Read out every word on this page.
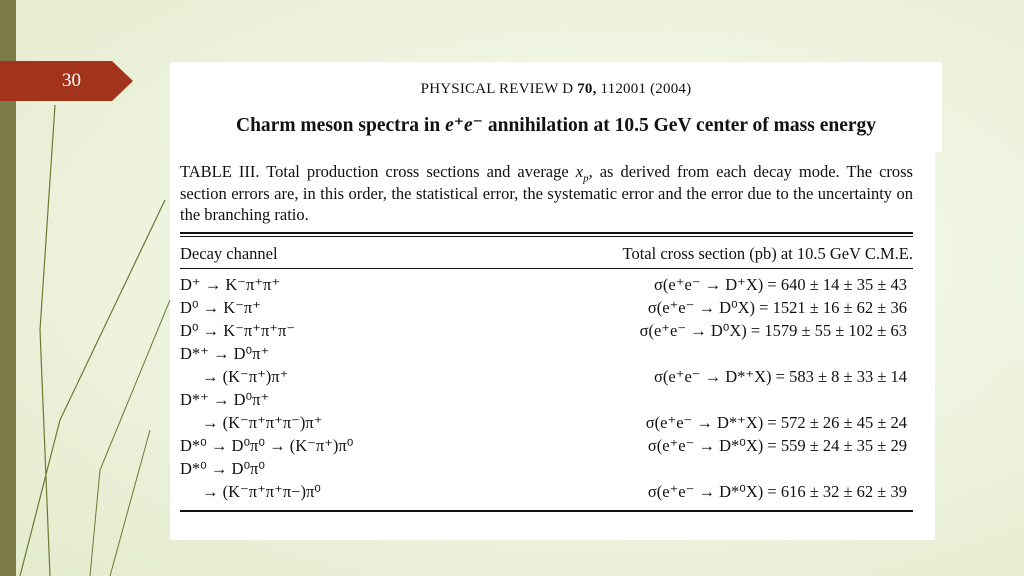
30	PHYSICAL REVIEW D 70, 112001 (2004)
Charm meson spectra in e⁺e⁻ annihilation at 10.5 GeV center of mass energy
TABLE III. Total production cross sections and average $x_p$, as derived from each decay mode. The cross section errors are, in this order, the statistical error, the systematic error and the error due to the uncertainty on the branching ratio.
Decay channel	Total cross section (pb) at 10.5 GeV C.M.E.
D⁺ → K⁻π⁺π⁺	σ(e⁺e⁻ → D⁺X) = 640 ± 14 ± 35 ± 43
D⁰ → K⁻π⁺	σ(e⁺e⁻ → D⁰X) = 1521 ± 16 ± 62 ± 36
D⁰ → K⁻π⁺π⁺π⁻	σ(e⁺e⁻ → D⁰X) = 1579 ± 55 ± 102 ± 63
D*⁺ → D⁰π⁺
→ (K⁻π⁺)π⁺	σ(e⁺e⁻ → D*⁺X) = 583 ± 8 ± 33 ± 14
D*⁺ → D⁰π⁺
→ (K⁻π⁺π⁺π⁻)π⁺	σ(e⁺e⁻ → D*⁺X) = 572 ± 26 ± 45 ± 24
D*⁰ → D⁰π⁰ → (K⁻π⁺)π⁰	σ(e⁺e⁻ → D*⁰X) = 559 ± 24 ± 35 ± 29
D*⁰ → D⁰π⁰
→ (K⁻π⁺π⁺π−)π⁰	σ(e⁺e⁻ → D*⁰X) = 616 ± 32 ± 62 ± 39
